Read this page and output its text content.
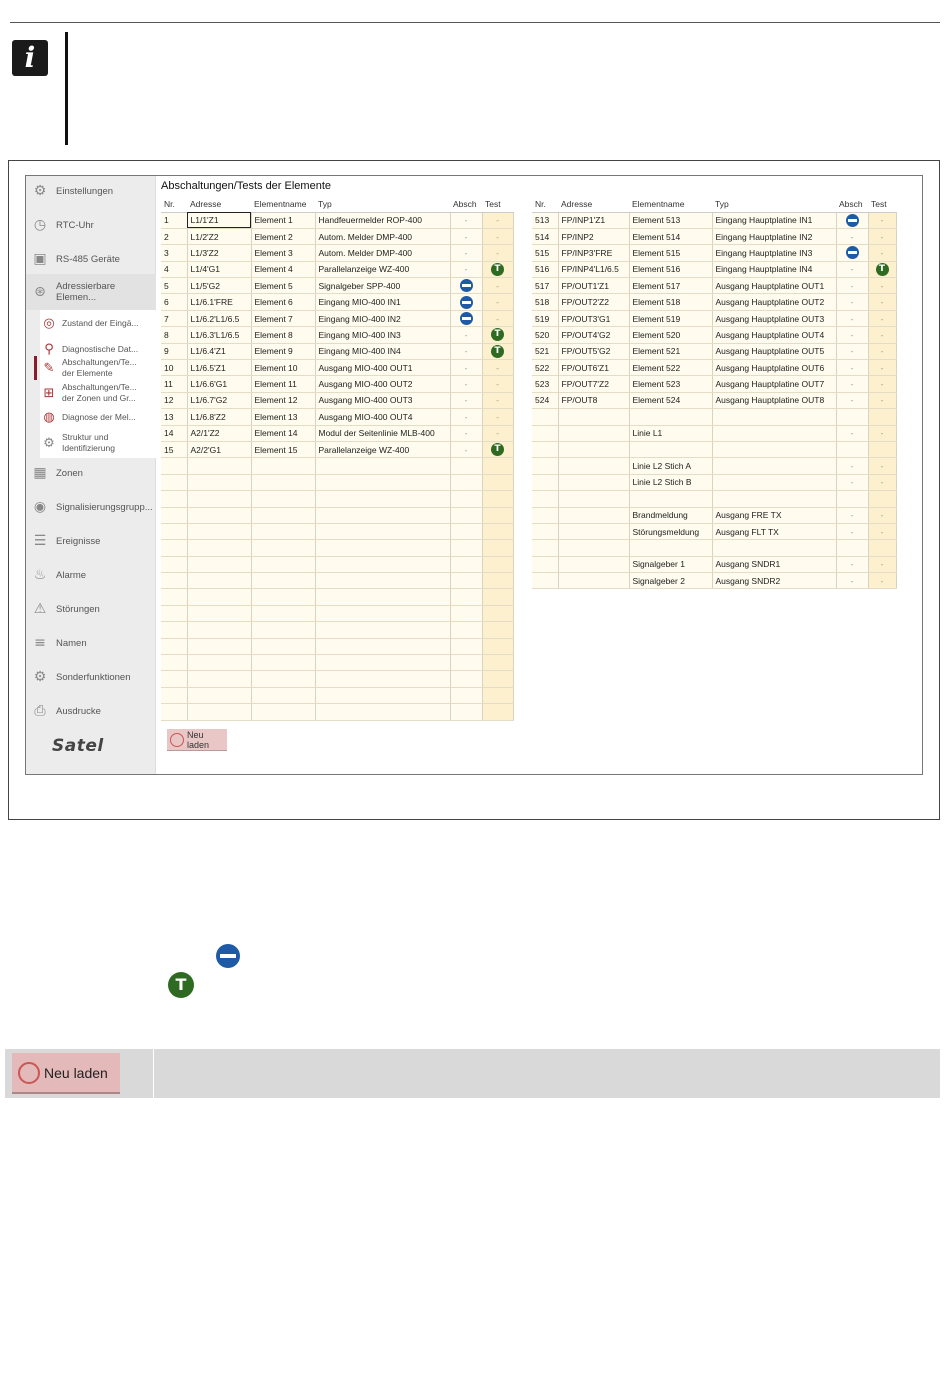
i
⚙ Einstellungen
◷ RTC-Uhr
▣ RS-485 Geräte
⊛ Adressierbare Elemen...
◎ Zustand der Eingä...
⚲ Diagnostische Dat...
✎ Abschaltungen/Te... der Elemente
⊞ Abschaltungen/Te... der Zonen und Gr...
◍ Diagnose der Mel...
⚙ Struktur und Identifizierung
▦ Zonen
◉ Signalisierungsgrupp...
☰ Ereignisse
♨ Alarme
⚠ Störungen
≡ Namen
⚙ Sonderfunktionen
⎙ Ausdrucke
Satel
Abschaltungen/Tests der Elemente
Nr.	Adresse	Elementname	Typ	Absch	Test
1	L1/1'Z1	Element 1	Handfeuermelder ROP-400	-	-
2	L1/2'Z2	Element 2	Autom. Melder DMP-400	-	-
3	L1/3'Z2	Element 3	Autom. Melder DMP-400	-	-
4	L1/4'G1	Element 4	Parallelanzeige WZ-400	-	T
5	L1/5'G2	Element 5	Signalgeber SPP-400		-
6	L1/6.1'FRE	Element 6	Eingang MIO-400 IN1		-
7	L1/6.2'L1/6.5	Element 7	Eingang MIO-400 IN2		-
8	L1/6.3'L1/6.5	Element 8	Eingang MIO-400 IN3	-	T
9	L1/6.4'Z1	Element 9	Eingang MIO-400 IN4	-	T
10	L1/6.5'Z1	Element 10	Ausgang MIO-400 OUT1	-	-
11	L1/6.6'G1	Element 11	Ausgang MIO-400 OUT2	-	-
12	L1/6.7'G2	Element 12	Ausgang MIO-400 OUT3	-	-
13	L1/6.8'Z2	Element 13	Ausgang MIO-400 OUT4	-	-
14	A2/1'Z2	Element 14	Modul der Seitenlinie MLB-400	-	-
15	A2/2'G1	Element 15	Parallelanzeige WZ-400	-	T

Nr.	Adresse	Elementname	Typ	Absch	Test
513	FP/INP1'Z1	Element 513	Eingang Hauptplatine IN1		-
514	FP/INP2	Element 514	Eingang Hauptplatine IN2	-	-
515	FP/INP3'FRE	Element 515	Eingang Hauptplatine IN3		-
516	FP/INP4'L1/6.5	Element 516	Eingang Hauptplatine IN4	-	T
517	FP/OUT1'Z1	Element 517	Ausgang Hauptplatine OUT1	-	-
518	FP/OUT2'Z2	Element 518	Ausgang Hauptplatine OUT2	-	-
519	FP/OUT3'G1	Element 519	Ausgang Hauptplatine OUT3	-	-
520	FP/OUT4'G2	Element 520	Ausgang Hauptplatine OUT4	-	-
521	FP/OUT5'G2	Element 521	Ausgang Hauptplatine OUT5	-	-
522	FP/OUT6'Z1	Element 522	Ausgang Hauptplatine OUT6	-	-
523	FP/OUT7'Z2	Element 523	Ausgang Hauptplatine OUT7	-	-
524	FP/OUT8	Element 524	Ausgang Hauptplatine OUT8	-	-

		Linie L1		-	-

		Linie L2 Stich A		-	-
		Linie L2 Stich B		-	-

		Brandmeldung	Ausgang FRE TX	-	-
		Störungsmeldung	Ausgang FLT TX	-	-

		Signalgeber 1	Ausgang SNDR1	-	-
		Signalgeber 2	Ausgang SNDR2	-	-
Neu laden
T
Neu laden
